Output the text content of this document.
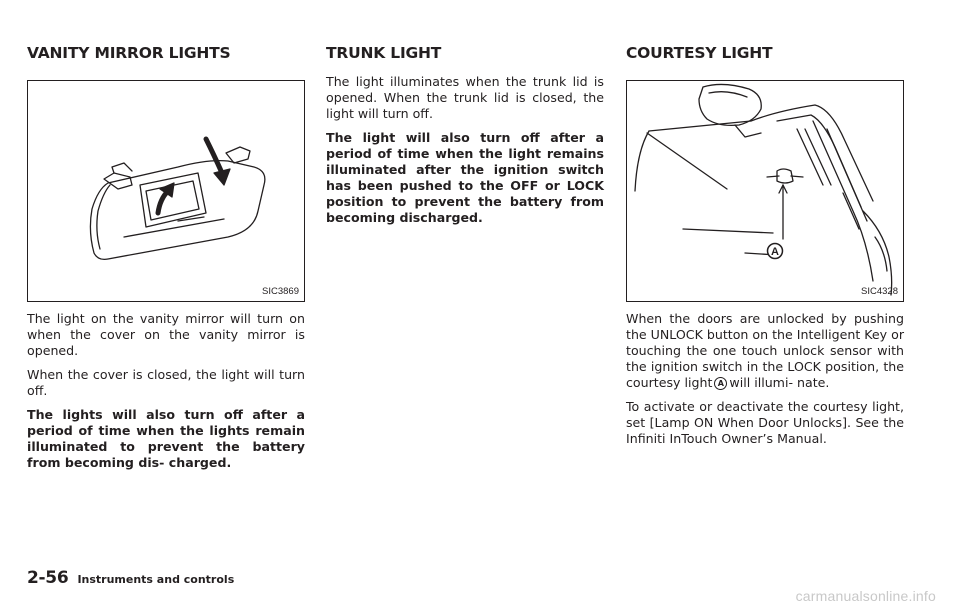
VANITY MIRROR LIGHTS
SIC3869

The light on the vanity mirror will turn on when the cover on the vanity mirror is opened.

When the cover is closed, the light will turn off.

The lights will also turn off after a period of time when the lights remain illuminated to prevent the battery from becoming dis- charged.

TRUNK LIGHT

The light illuminates when the trunk lid is opened. When the trunk lid is closed, the light will turn off.

The light will also turn off after a period of time when the light remains illuminated after the ignition switch has been pushed to the OFF or LOCK position to prevent the battery from becoming discharged.

COURTESY LIGHT
A
SIC4328

When the doors are unlocked by pushing the UNLOCK button on the Intelligent Key or touching the one touch unlock sensor with the ignition switch in the LOCK position, the courtesy light A will illumi- nate.

To activate or deactivate the courtesy light, set [Lamp ON When Door Unlocks]. See the Infiniti InTouch Owner’s Manual.

2-56 Instruments and controls
carmanualsonline.info
